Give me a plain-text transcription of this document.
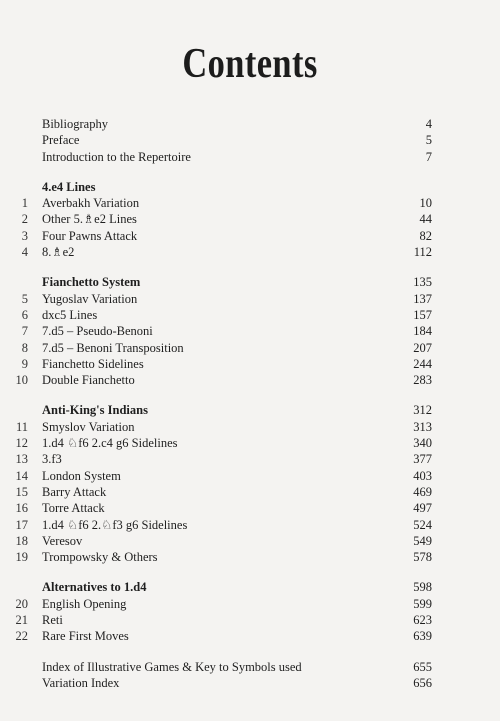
Contents
Bibliography	4
Preface	5
Introduction to the Repertoire	7
4.e4 Lines
1 Averbakh Variation	10
2 Other 5.♗e2 Lines	44
3 Four Pawns Attack	82
4 8.♗e2	112
Fianchetto System	135
5 Yugoslav Variation	137
6 dxc5 Lines	157
7 7.d5 – Pseudo-Benoni	184
8 7.d5 – Benoni Transposition	207
9 Fianchetto Sidelines	244
10 Double Fianchetto	283
Anti-King's Indians	312
11 Smyslov Variation	313
12 1.d4 ♘f6 2.c4 g6 Sidelines	340
13 3.f3	377
14 London System	403
15 Barry Attack	469
16 Torre Attack	497
17 1.d4 ♘f6 2.♘f3 g6 Sidelines	524
18 Veresov	549
19 Trompowsky & Others	578
Alternatives to 1.d4	598
20 English Opening	599
21 Reti	623
22 Rare First Moves	639
Index of Illustrative Games & Key to Symbols used	655
Variation Index	656
